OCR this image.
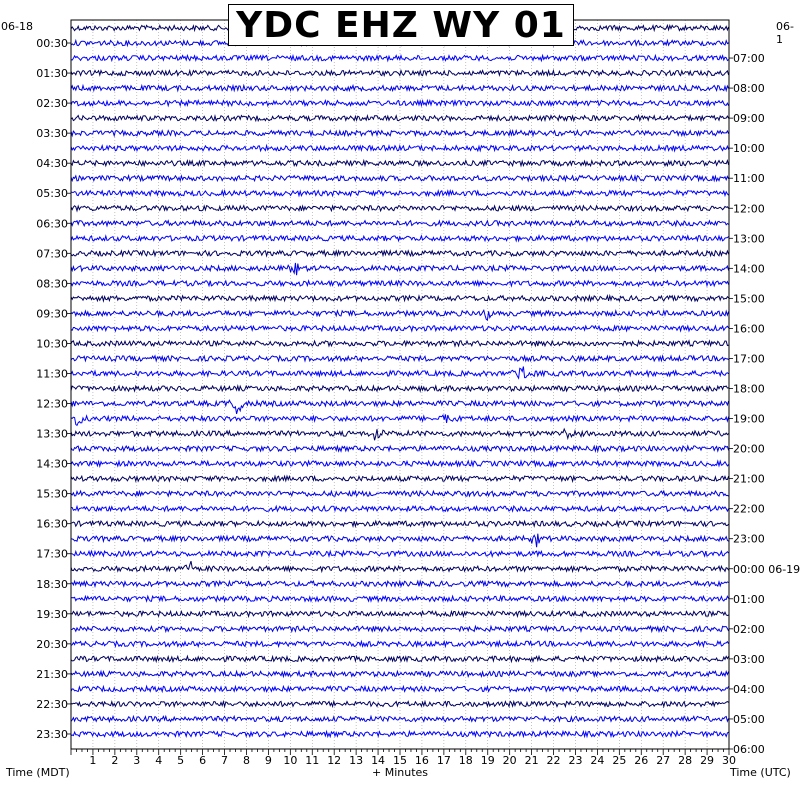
1 2 3 4 5 6 7 8 9 10 11 12 13 14 15 16 17 18 19 20 21 22 23 24 25 26 27 28 29 30
00:30
01:30
02:30
03:30
04:30
05:30
06:30
07:30
08:30
09:30
10:30
11:30
12:30
13:30
14:30
15:30
16:30
17:30
18:30
19:30
20:30
21:30
22:30
23:30
07:00
08:00
09:00
10:00
11:00
12:00
13:00
14:00
15:00
16:00
17:00
18:00
19:00
20:00
21:00
22:00
23:00
00:00 06-19
01:00
02:00
03:00
04:00
05:00
06:00
YDC EHZ WY 01
06-18	06-1
Time (MDT)	+ Minutes	Time (UTC)
